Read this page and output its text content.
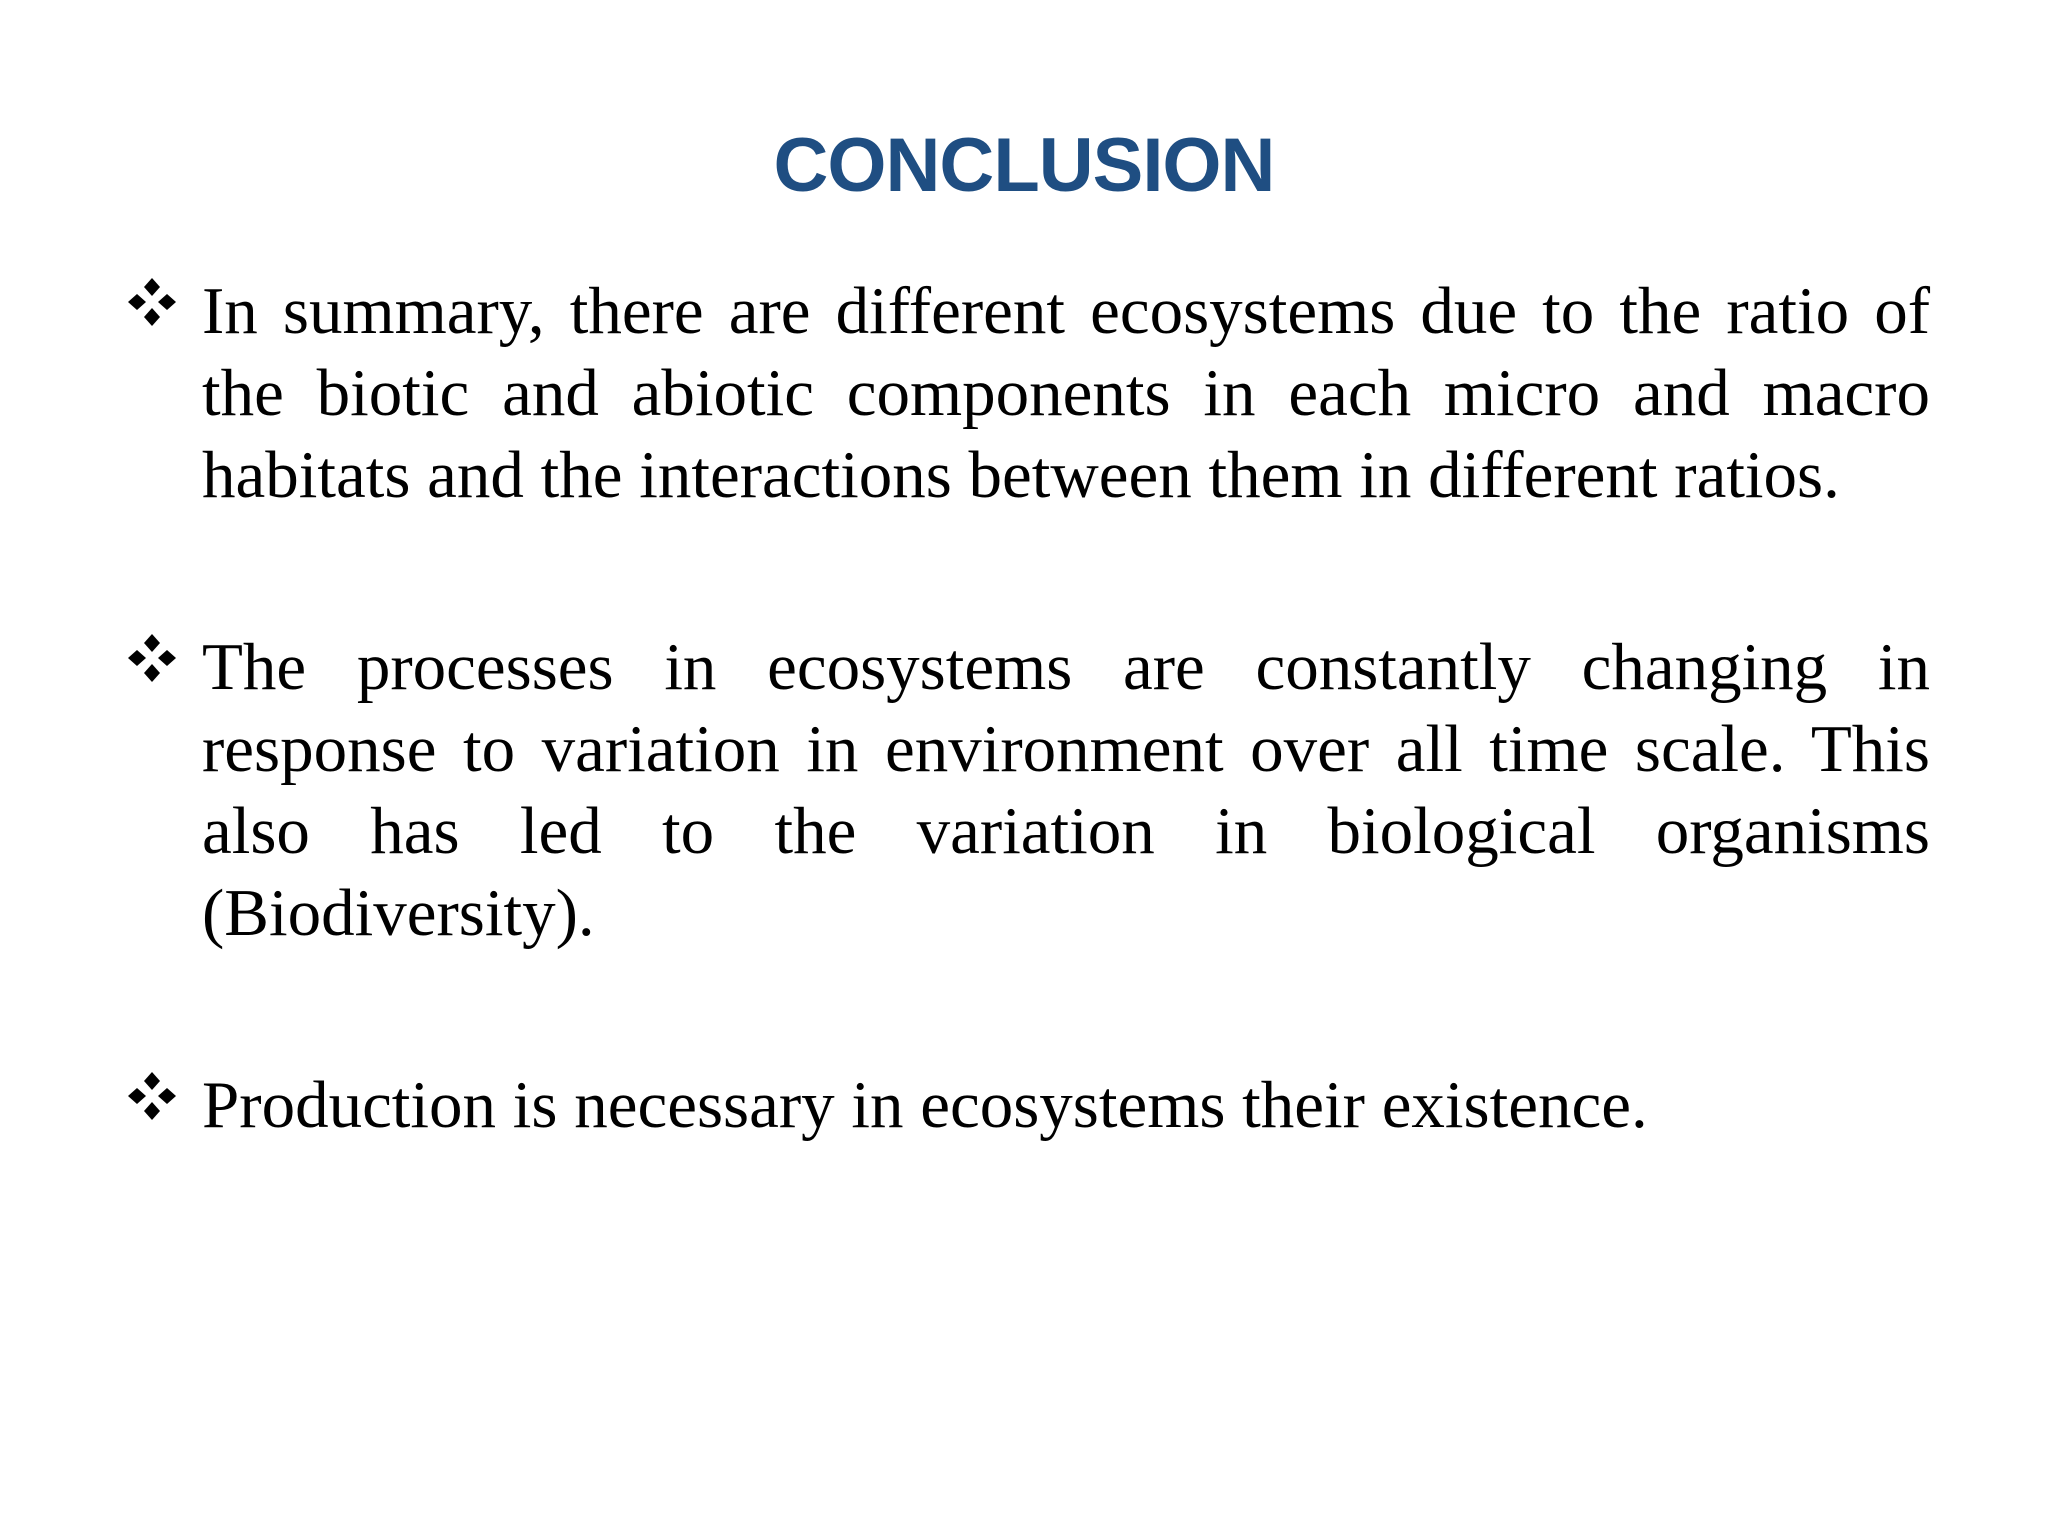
CONCLUSION
In summary, there are different ecosystems due to the ratio of the biotic and abiotic components in each micro and macro habitats and the interactions between them in different ratios.
The processes in ecosystems are constantly changing in response to variation in environment over all time scale. This also has led to the variation in biological organisms (Biodiversity).
Production is necessary in ecosystems their existence.
